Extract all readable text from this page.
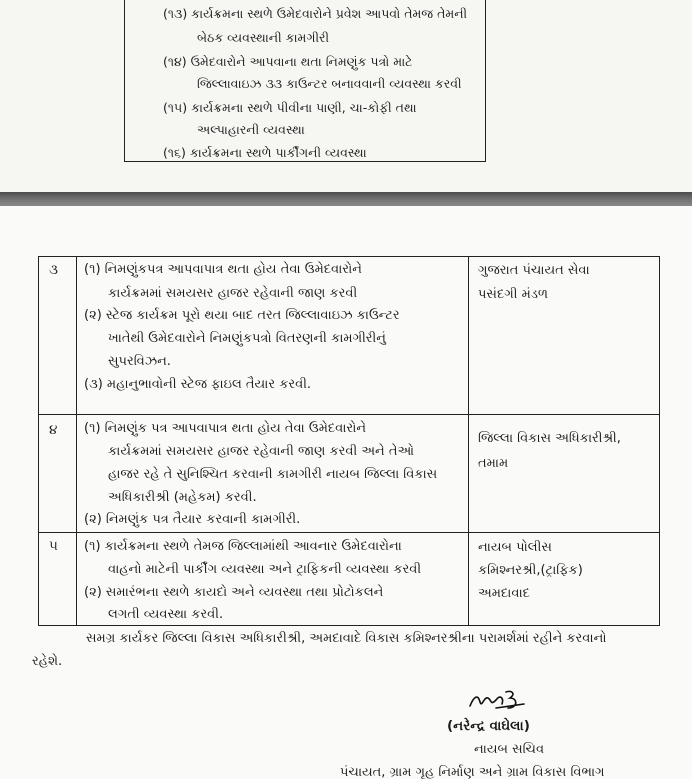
(૧૩) કાર્યક્રમના સ્થળે ઉમેદવારોને પ્રવેશ આપવો તેમજ તેમની
બેઠક વ્યવસ્થાની કામગીરી
(૧૪) ઉમેદવારોને આપવાના થતા નિમણુંક પત્રો માટે
જિલ્લાવાઇઝ ૩૩ કાઉન્ટર બનાવવાની વ્યવસ્થા કરવી
(૧૫) કાર્યક્રમના સ્થળે પીવીના પાણી, ચા-કોફી તથા
અલ્પાહારની વ્યવસ્થા
(૧૬) કાર્યક્રમના સ્થળે પાર્કીંગની વ્યવસ્થા
૩ (૧) નિમણુંકપત્ર આપવાપાત્ર થતા હોય તેવા ઉમેદવારોને
કાર્યક્રમમાં સમયસર હાજર રહેવાની જાણ કરવી
(૨) સ્ટેજ કાર્યક્રમ પૂરો થયા બાદ તરત જિલ્લાવાઇઝ કાઉન્ટર
ખાતેથી ઉમેદવારોને નિમણુંકપત્રો વિતરણની કામગીરીનું
સુપરવિઝન.
(૩) મહાનુભાવોની સ્ટેજ ફાઇલ તૈયાર કરવી.
ગુજરાત પંચાયત સેવા
પસંદગી મંડળ
૪ (૧) નિમણુંક પત્ર આપવાપાત્ર થતા હોય તેવા ઉમેદવારોને
કાર્યક્રમમાં સમયસર હાજર રહેવાની જાણ કરવી અને તેઓ
હાજર રહે તે સુનિશ્ચિત કરવાની કામગીરી નાયબ જિલ્લા વિકાસ
અધિકારીશ્રી (મહેકમ) કરવી.
(૨) નિમણુંક પત્ર તૈયાર કરવાની કામગીરી.
જિલ્લા વિકાસ અધિકારીશ્રી,
તમામ
૫ (૧) કાર્યક્રમના સ્થળે તેમજ જિલ્લામાંથી આવનાર ઉમેદવારોના
વાહનો માટેની પાર્કીંગ વ્યવસ્થા અને ટ્રાફિકની વ્યવસ્થા કરવી
(૨) સમારંભના સ્થળે કાયદો અને વ્યવસ્થા તથા પ્રોટોકલને
લગતી વ્યવસ્થા કરવી.
નાયબ પોલીસ
કમિશ્નરશ્રી,(ટ્રાફિક)
અમદાવાદ
સમગ્ર કાર્યકર જિલ્લા વિકાસ અધિકારીશ્રી, અમદાવાદે વિકાસ કમિશ્નરશ્રીના પરામર્શમાં રહીને કરવાનો
રહેશે.
(નરેન્દ્ર વાઘેલા)
નાયબ સચિવ
પંચાયત, ગ્રામ ગૃહ નિર્માણ અને ગ્રામ વિકાસ વિભાગ
